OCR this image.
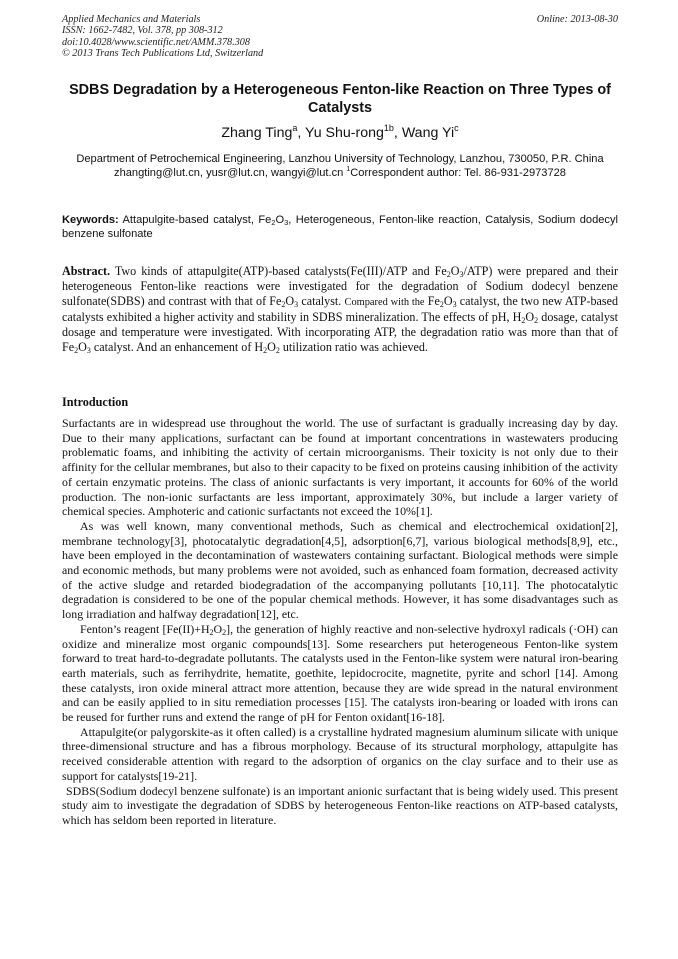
Applied Mechanics and Materials
ISSN: 1662-7482, Vol. 378, pp 308-312
doi:10.4028/www.scientific.net/AMM.378.308
© 2013 Trans Tech Publications Ltd, Switzerland
Online: 2013-08-30
SDBS Degradation by a Heterogeneous Fenton-like Reaction on Three Types of Catalysts
Zhang Ting$^a$, Yu Shu-rong$^{1b}$, Wang Yi$^c$
Department of Petrochemical Engineering, Lanzhou University of Technology, Lanzhou, 730050, P.R. China
zhangting@lut.cn, yusr@lut.cn, wangyi@lut.cn $^1$Correspondent author: Tel. 86-931-2973728
Keywords: Attapulgite-based catalyst, $Fe_2O_3$, Heterogeneous, Fenton-like reaction, Catalysis, Sodium dodecyl benzene sulfonate
Abstract. Two kinds of attapulgite(ATP)-based catalysts(Fe(III)/ATP and $Fe_2O_3/ATP$) were prepared and their heterogeneous Fenton-like reactions were investigated for the degradation of Sodium dodecyl benzene sulfonate(SDBS) and contrast with that of $Fe_2O_3$ catalyst. Compared with the $Fe_2O_3$ catalyst, the two new ATP-based catalysts exhibited a higher activity and stability in SDBS mineralization. The effects of pH, $H_2O_2$ dosage, catalyst dosage and temperature were investigated. With incorporating ATP, the degradation ratio was more than that of $Fe_2O_3$ catalyst. And an enhancement of $H_2O_2$ utilization ratio was achieved.
Introduction

Surfactants are in widespread use throughout the world. The use of surfactant is gradually increasing day by day. Due to their many applications, surfactant can be found at important concentrations in wastewaters producing problematic foams, and inhibiting the activity of certain microorganisms. Their toxicity is not only due to their affinity for the cellular membranes, but also to their capacity to be fixed on proteins causing inhibition of the activity of certain enzymatic proteins. The class of anionic surfactants is very important, it accounts for 60% of the world production. The non-ionic surfactants are less important, approximately 30%, but include a larger variety of chemical species. Amphoteric and cationic surfactants not exceed the 10%[1].

As was well known, many conventional methods, Such as chemical and electrochemical oxidation[2], membrane technology[3], photocatalytic degradation[4,5], adsorption[6,7], various biological methods[8,9], etc., have been employed in the decontamination of wastewaters containing surfactant. Biological methods were simple and economic methods, but many problems were not avoided, such as enhanced foam formation, decreased activity of the active sludge and retarded biodegradation of the accompanying pollutants [10,11]. The photocatalytic degradation is considered to be one of the popular chemical methods. However, it has some disadvantages such as long irradiation and halfway degradation[12], etc.

Fenton’s reagent $[Fe(II)+H_2O_2]$, the generation of highly reactive and non-selective hydroxyl radicals (·OH) can oxidize and mineralize most organic compounds[13]. Some researchers put heterogeneous Fenton-like system forward to treat hard-to-degradate pollutants. The catalysts used in the Fenton-like system were natural iron-bearing earth materials, such as ferrihydrite, hematite, goethite, lepidocrocite, magnetite, pyrite and schorl [14]. Among these catalysts, iron oxide mineral attract more attention, because they are wide spread in the natural environment and can be easily applied to in situ remediation processes [15]. The catalysts iron-bearing or loaded with irons can be reused for further runs and extend the range of pH for Fenton oxidant[16-18].

Attapulgite(or palygorskite-as it often called) is a crystalline hydrated magnesium aluminum silicate with unique three-dimensional structure and has a fibrous morphology. Because of its structural morphology, attapulgite has received considerable attention with regard to the adsorption of organics on the clay surface and to their use as support for catalysts[19-21].

SDBS(Sodium dodecyl benzene sulfonate) is an important anionic surfactant that is being widely used. This present study aim to investigate the degradation of SDBS by heterogeneous Fenton-like reactions on ATP-based catalysts, which has seldom been reported in literature.
